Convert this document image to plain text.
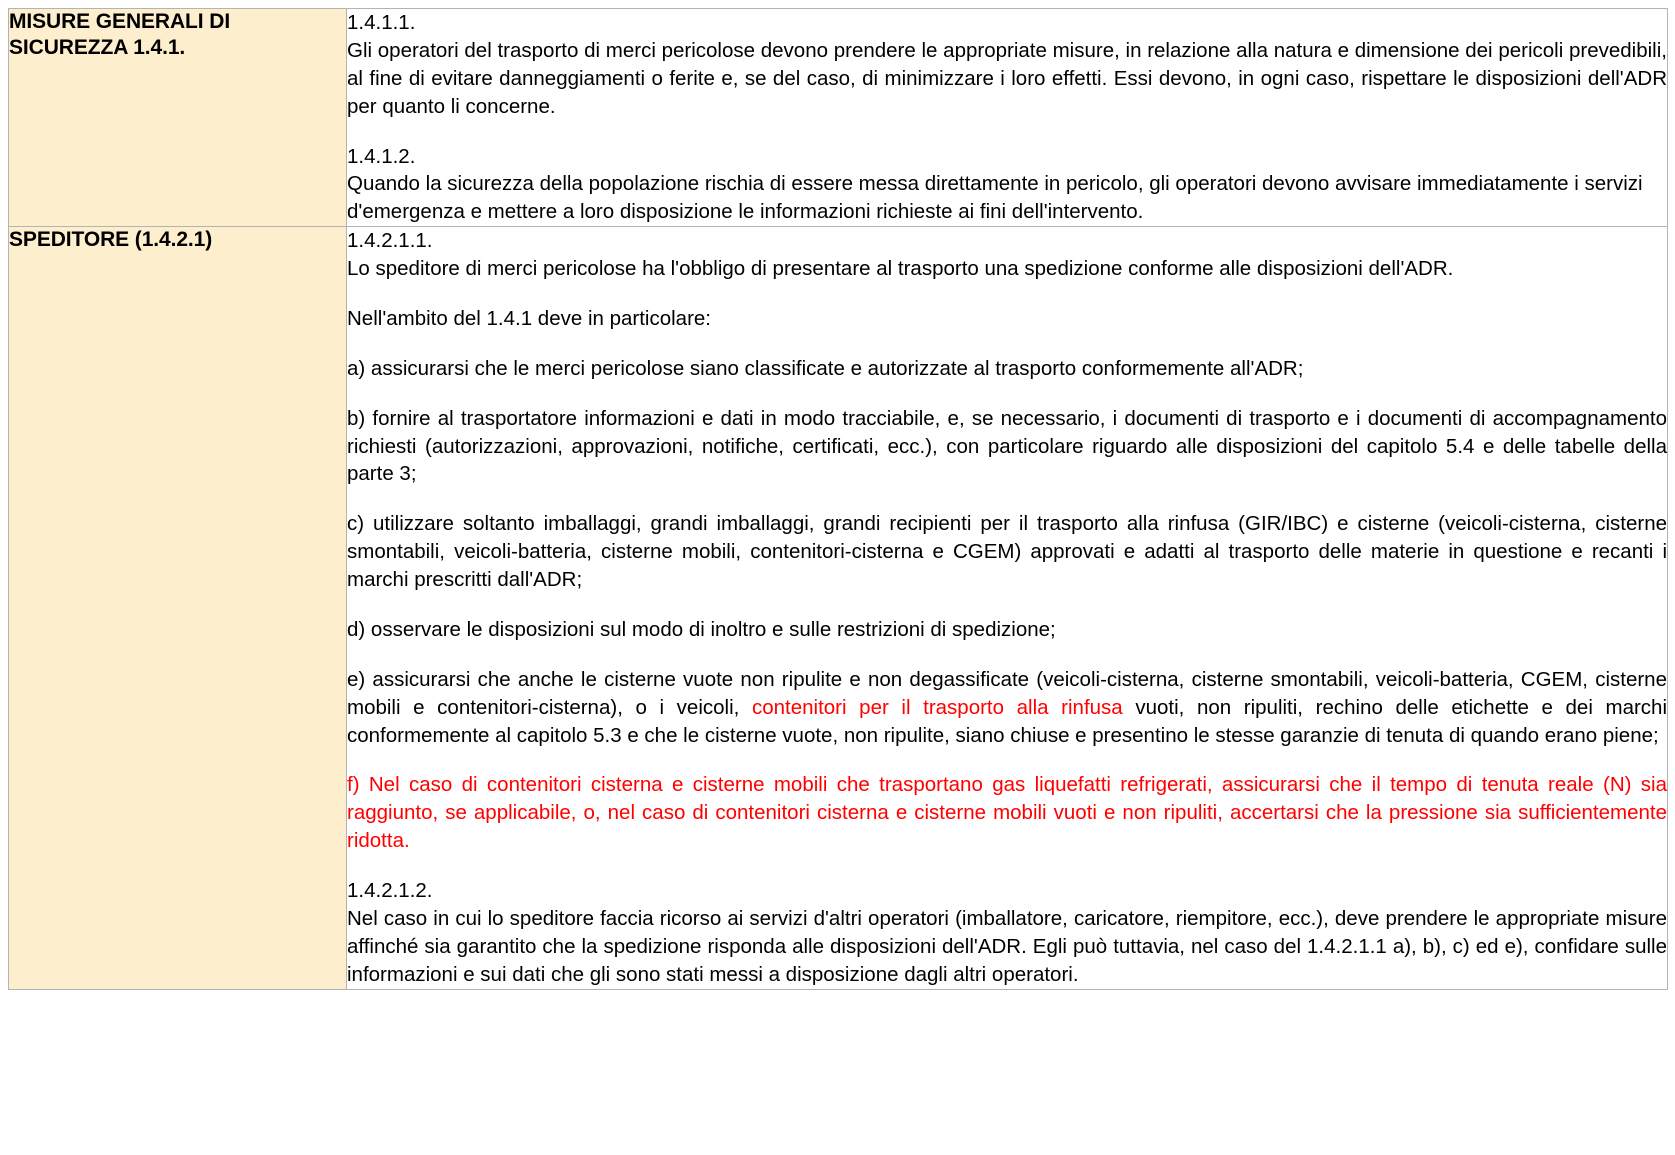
MISURE GENERALI DI SICUREZZA 1.4.1.	1.4.1.1.
Gli operatori del trasporto di merci pericolose devono prendere le appropriate misure, in relazione alla natura e dimensione dei pericoli prevedibili, al fine di evitare danneggiamenti o ferite e, se del caso, di minimizzare i loro effetti. Essi devono, in ogni caso, rispettare le disposizioni dell'ADR per quanto li concerne.

1.4.1.2.
Quando la sicurezza della popolazione rischia di essere messa direttamente in pericolo, gli operatori devono avvisare immediatamente i servizi d'emergenza e mettere a loro disposizione le informazioni richieste ai fini dell'intervento.

SPEDITORE (1.4.2.1)	1.4.2.1.1.
Lo speditore di merci pericolose ha l'obbligo di presentare al trasporto una spedizione conforme alle disposizioni dell'ADR.

Nell'ambito del 1.4.1 deve in particolare:

a) assicurarsi che le merci pericolose siano classificate e autorizzate al trasporto conformemente all'ADR;

b) fornire al trasportatore informazioni e dati in modo tracciabile, e, se necessario, i documenti di trasporto e i documenti di accompagnamento richiesti (autorizzazioni, approvazioni, notifiche, certificati, ecc.), con particolare riguardo alle disposizioni del capitolo 5.4 e delle tabelle della parte 3;

c) utilizzare soltanto imballaggi, grandi imballaggi, grandi recipienti per il trasporto alla rinfusa (GIR/IBC) e cisterne (veicoli-cisterna, cisterne smontabili, veicoli-batteria, cisterne mobili, contenitori-cisterna e CGEM) approvati e adatti al trasporto delle materie in questione e recanti i marchi prescritti dall'ADR;

d) osservare le disposizioni sul modo di inoltro e sulle restrizioni di spedizione;

e) assicurarsi che anche le cisterne vuote non ripulite e non degassificate (veicoli-cisterna, cisterne smontabili, veicoli-batteria, CGEM, cisterne mobili e contenitori-cisterna), o i veicoli, contenitori per il trasporto alla rinfusa vuoti, non ripuliti, rechino delle etichette e dei marchi conformemente al capitolo 5.3 e che le cisterne vuote, non ripulite, siano chiuse e presentino le stesse garanzie di tenuta di quando erano piene;

f) Nel caso di contenitori cisterna e cisterne mobili che trasportano gas liquefatti refrigerati, assicurarsi che il tempo di tenuta reale (N) sia raggiunto, se applicabile, o, nel caso di contenitori cisterna e cisterne mobili vuoti e non ripuliti, accertarsi che la pressione sia sufficientemente ridotta.

1.4.2.1.2.
Nel caso in cui lo speditore faccia ricorso ai servizi d'altri operatori (imballatore, caricatore, riempitore, ecc.), deve prendere le appropriate misure affinché sia garantito che la spedizione risponda alle disposizioni dell'ADR. Egli può tuttavia, nel caso del 1.4.2.1.1 a), b), c) ed e), confidare sulle informazioni e sui dati che gli sono stati messi a disposizione dagli altri operatori.
